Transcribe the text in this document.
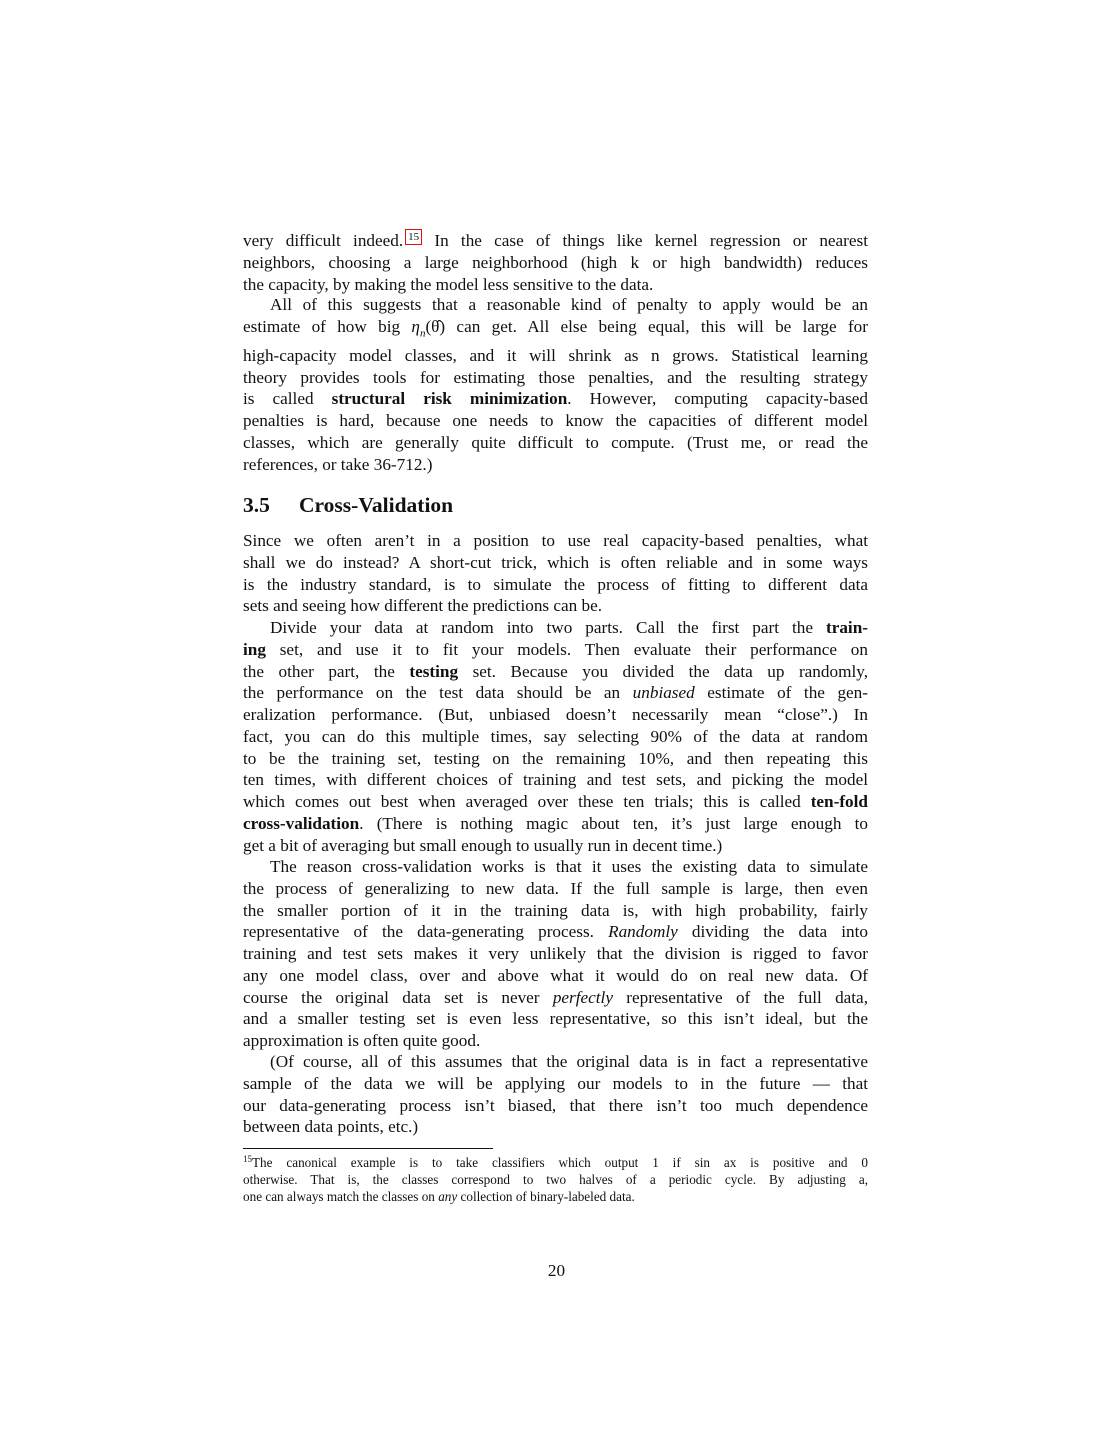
very difficult indeed. 15 In the case of things like kernel regression or nearest
neighbors, choosing a large neighborhood (high k or high bandwidth) reduces
the capacity, by making the model less sensitive to the data.
All of this suggests that a reasonable kind of penalty to apply would be an
estimate of how big $\eta_n(\thetâ)$ can get. All else being equal, this will be large for
high-capacity model classes, and it will shrink as n grows. Statistical learning
theory provides tools for estimating those penalties, and the resulting strategy
is called structural risk minimization. However, computing capacity-based
penalties is hard, because one needs to know the capacities of different model
classes, which are generally quite difficult to compute. (Trust me, or read the
references, or take 36-712.)
3.5 Cross-Validation
Since we often aren’t in a position to use real capacity-based penalties, what
shall we do instead? A short-cut trick, which is often reliable and in some ways
is the industry standard, is to simulate the process of fitting to different data
sets and seeing how different the predictions can be.
Divide your data at random into two parts. Call the first part the train-
ing set, and use it to fit your models. Then evaluate their performance on
the other part, the testing set. Because you divided the data up randomly,
the performance on the test data should be an unbiased estimate of the gen-
eralization performance. (But, unbiased doesn’t necessarily mean “close”.) In
fact, you can do this multiple times, say selecting 90% of the data at random
to be the training set, testing on the remaining 10%, and then repeating this
ten times, with different choices of training and test sets, and picking the model
which comes out best when averaged over these ten trials; this is called ten-fold
cross-validation. (There is nothing magic about ten, it’s just large enough to
get a bit of averaging but small enough to usually run in decent time.)
The reason cross-validation works is that it uses the existing data to simulate
the process of generalizing to new data. If the full sample is large, then even
the smaller portion of it in the training data is, with high probability, fairly
representative of the data-generating process. Randomly dividing the data into
training and test sets makes it very unlikely that the division is rigged to favor
any one model class, over and above what it would do on real new data. Of
course the original data set is never perfectly representative of the full data,
and a smaller testing set is even less representative, so this isn’t ideal, but the
approximation is often quite good.
(Of course, all of this assumes that the original data is in fact a representative
sample of the data we will be applying our models to in the future — that
our data-generating process isn’t biased, that there isn’t too much dependence
between data points, etc.)
$^{15}$The canonical example is to take classifiers which output 1 if sin ax is positive and 0
otherwise. That is, the classes correspond to two halves of a periodic cycle. By adjusting a,
one can always match the classes on any collection of binary-labeled data.
20
